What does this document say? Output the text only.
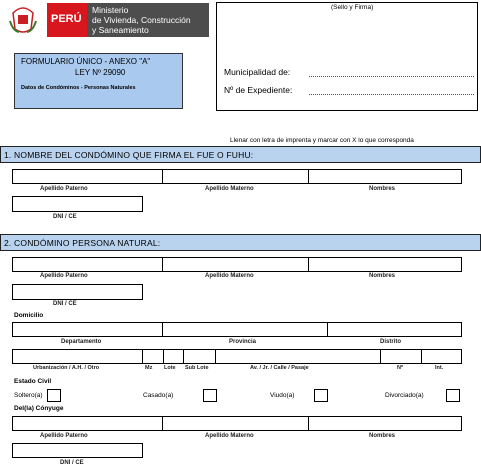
PERÚ
Ministerio
de Vivienda, Construcción
y Saneamiento
(Sello y Firma)
Municipalidad de:
Nº de Expediente:
FORMULARIO ÚNICO - ANEXO "A"
LEY Nº 29090
Datos de Condóminos - Personas Naturales
Llenar con letra de imprenta y marcar con X lo que corresponda
1. NOMBRE DEL CONDÓMINO QUE FIRMA EL FUE O FUHU:
Apellido Paterno	Apellido Materno	Nombres
DNI / CE
2. CONDÓMINO PERSONA NATURAL:
Apellido Paterno	Apellido Materno	Nombres
DNI / CE
Domicilio
Departamento	Provincia	Distrito
Urbanización / A.H. / Otro	Mz Lote Sub Lote	Av. / Jr. / Calle / Pasaje	Nº	Int.
Estado Civil
Soltero(a)	Casado(a)	Viudo(a)	Divorciado(a)
Del(la) Cónyuge
Apellido Paterno	Apellido Materno	Nombres
DNI / CE
